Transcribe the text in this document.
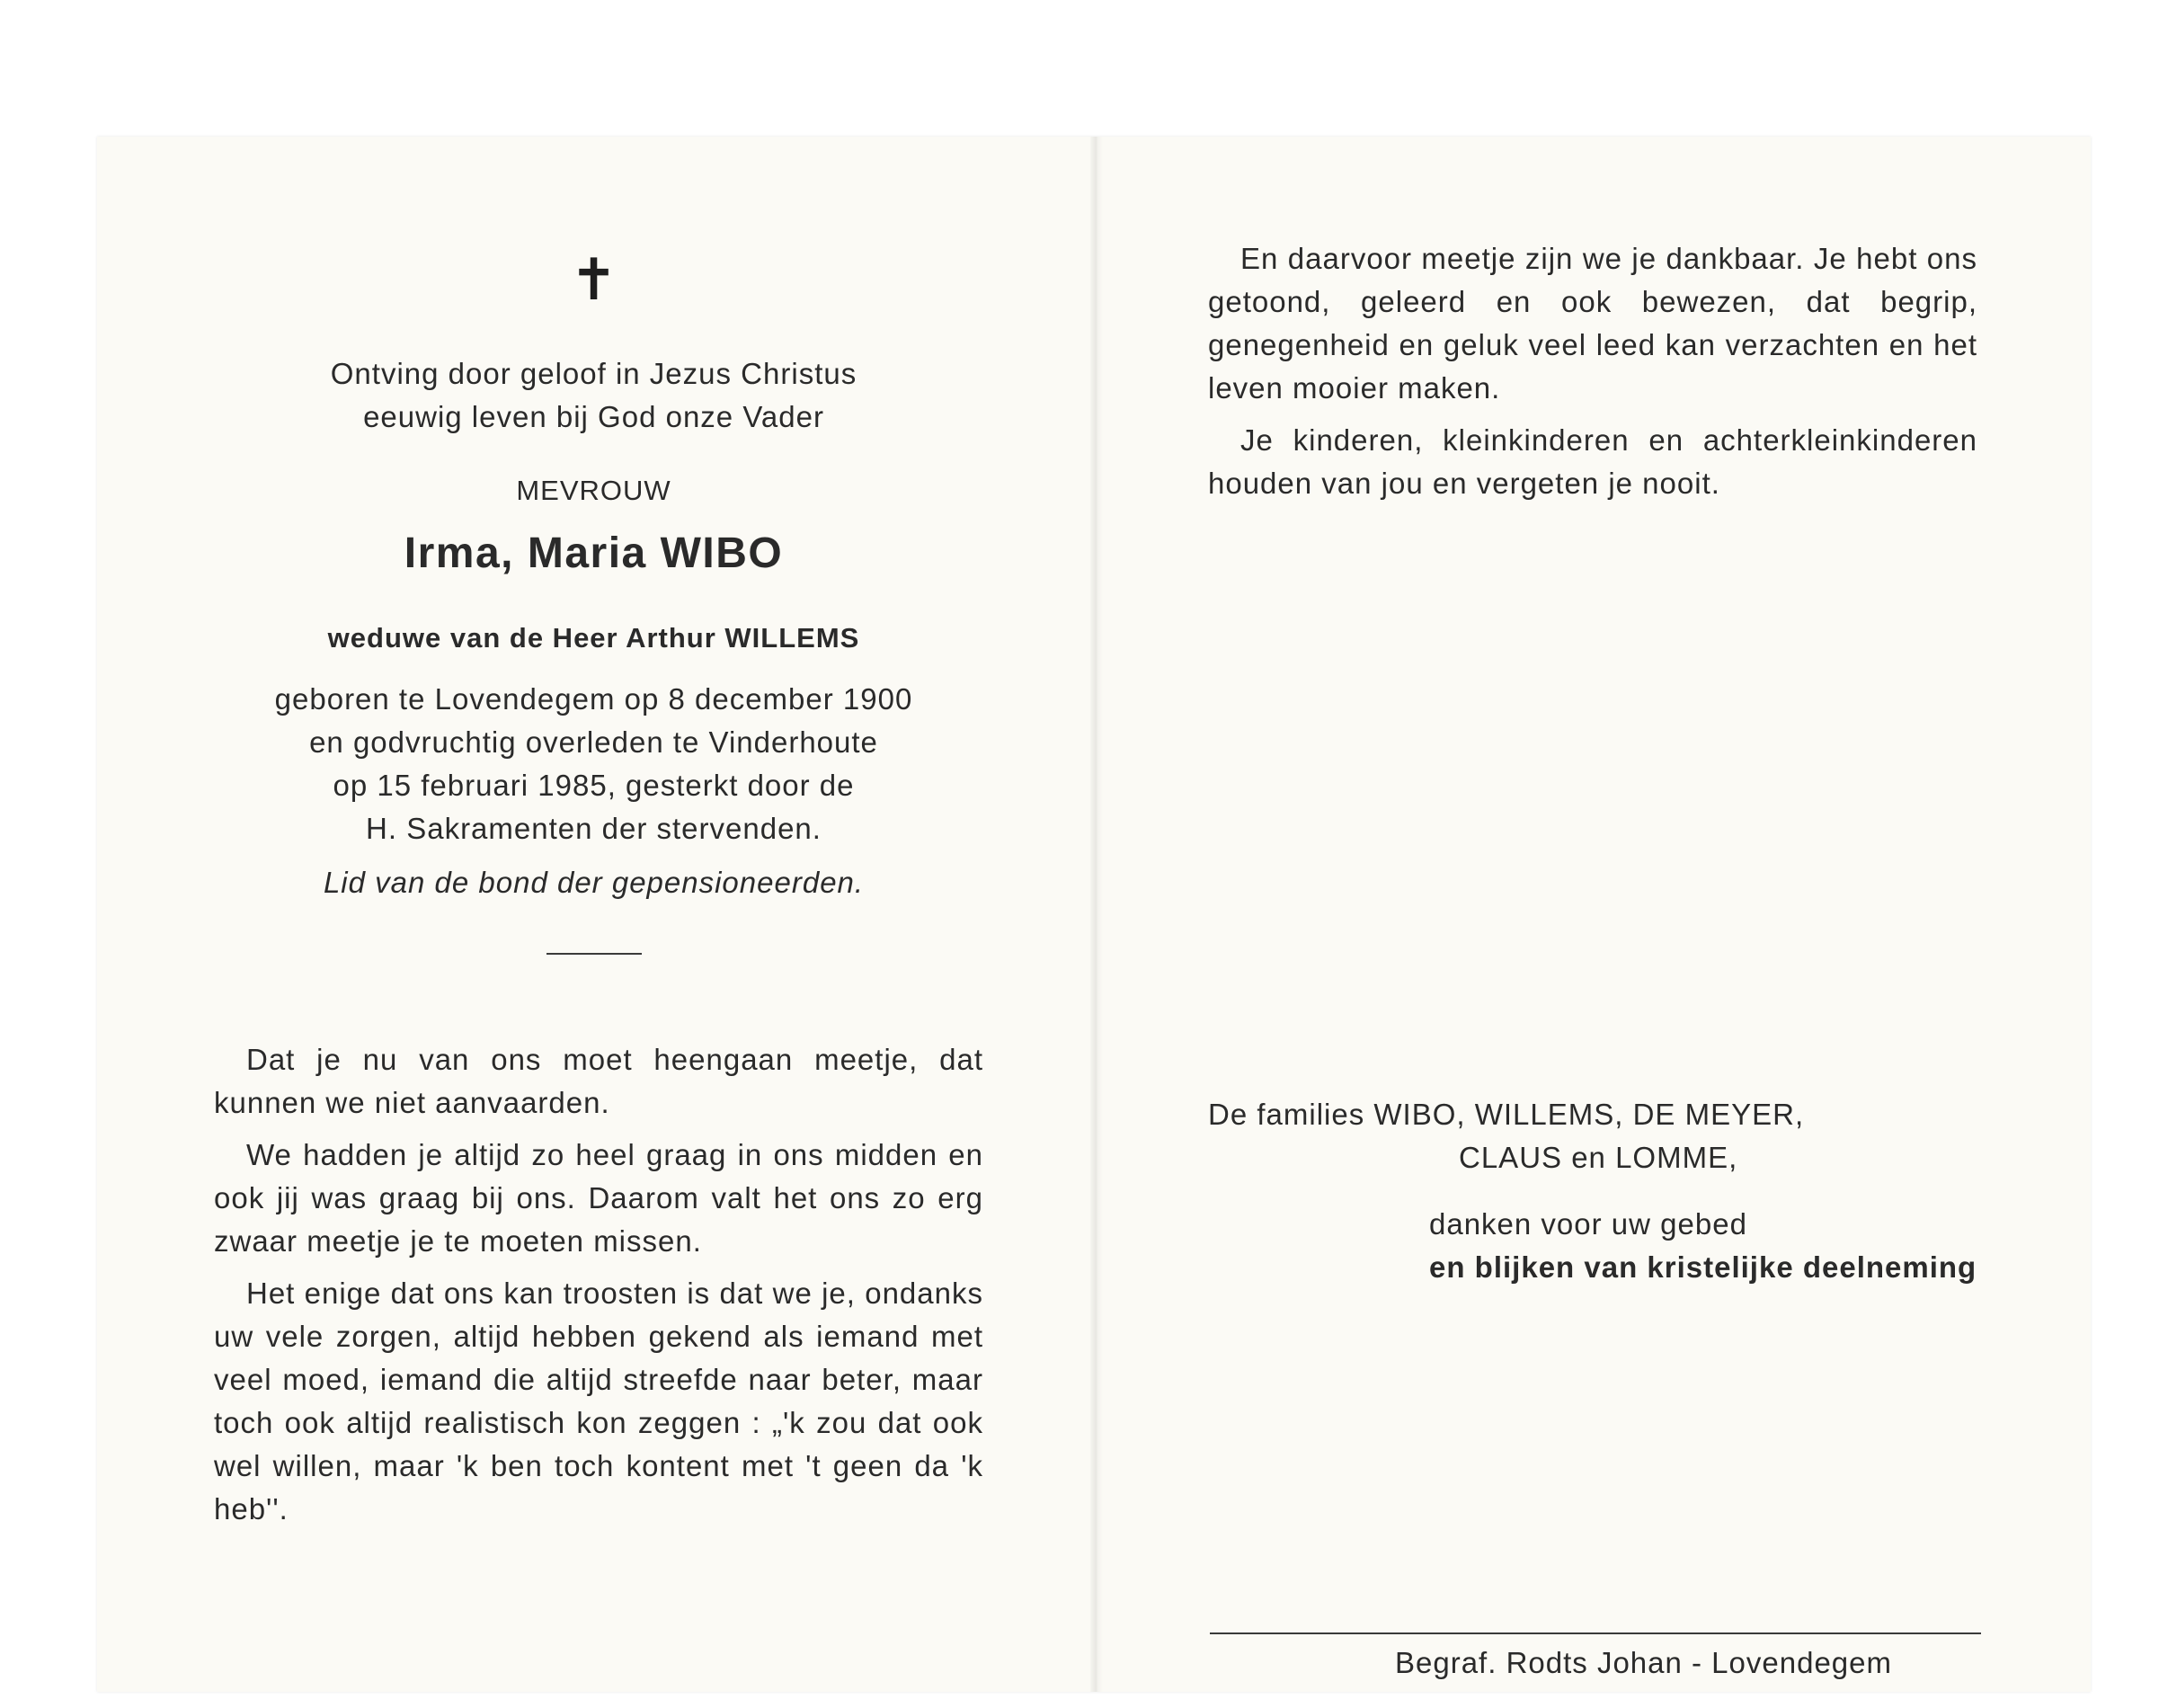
✝
Ontving door geloof in Jezus Christus
eeuwig leven bij God onze Vader
MEVROUW
Irma, Maria WIBO
weduwe van de Heer Arthur WILLEMS
geboren te Lovendegem op 8 december 1900
en godvruchtig overleden te Vinderhoute
op 15 februari 1985, gesterkt door de
H. Sakramenten der stervenden.
Lid van de bond der gepensioneerden.

Dat je nu van ons moet heengaan meetje, dat kunnen we niet aanvaarden.

We hadden je altijd zo heel graag in ons midden en ook jij was graag bij ons. Daarom valt het ons zo erg zwaar meetje je te moeten missen.

Het enige dat ons kan troosten is dat we je, ondanks uw vele zorgen, altijd hebben gekend als iemand met veel moed, iemand die altijd streefde naar beter, maar toch ook altijd realistisch kon zeggen : „'k zou dat ook wel willen, maar 'k ben toch kontent met 't geen da 'k heb''.

En daarvoor meetje zijn we je dankbaar. Je hebt ons getoond, geleerd en ook bewezen, dat begrip, genegenheid en geluk veel leed kan verzachten en het leven mooier maken.

Je kinderen, kleinkinderen en achterkleinkinderen houden van jou en vergeten je nooit.

De families WIBO, WILLEMS, DE MEYER,
CLAUS en LOMME,
danken voor uw gebed
en blijken van kristelijke deelneming
Begraf. Rodts Johan - Lovendegem
